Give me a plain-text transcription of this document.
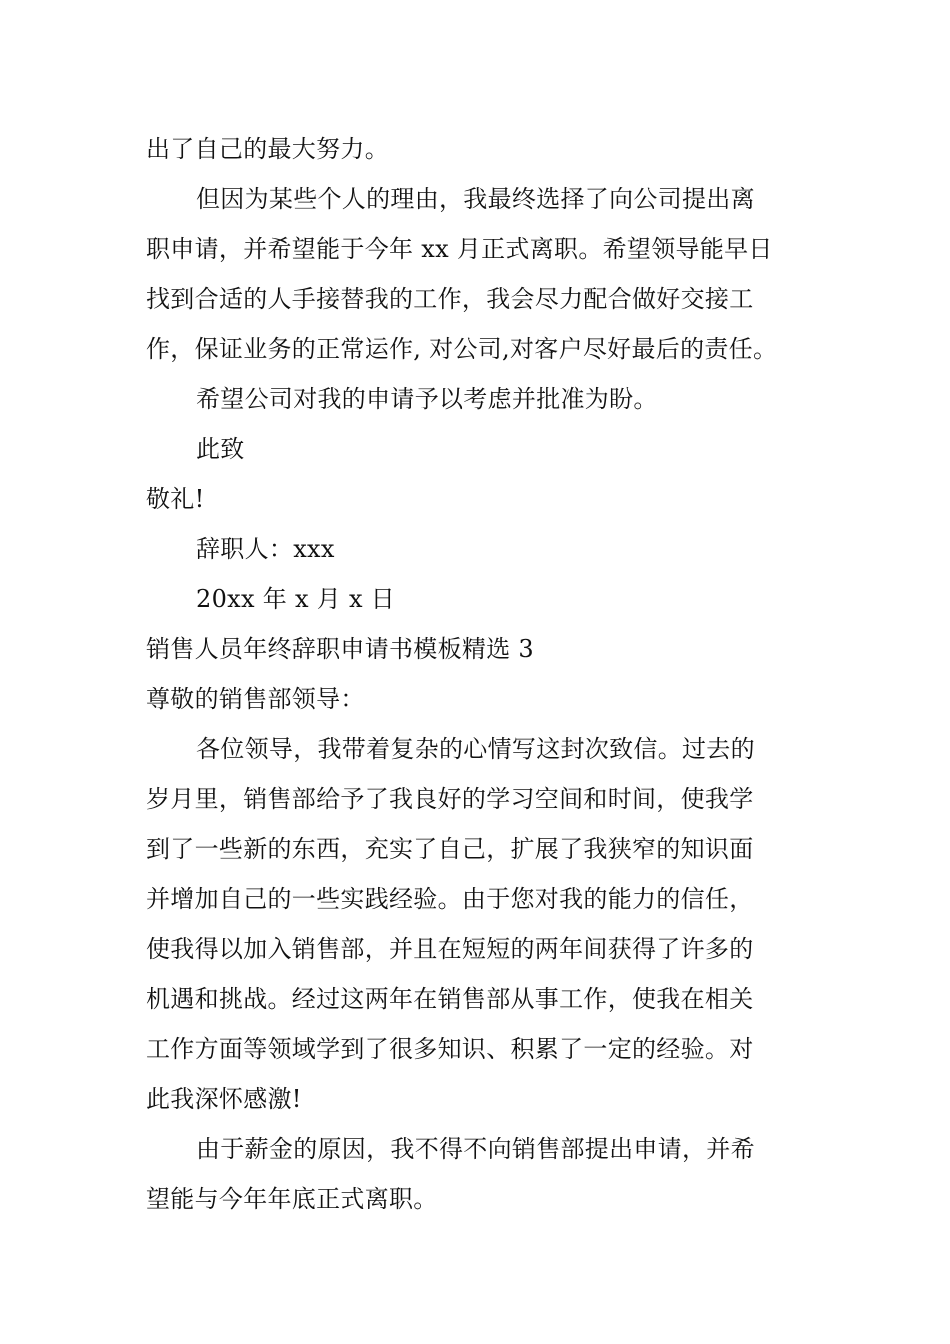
出了自己的最大努力。
但因为某些个人的理由，我最终选择了向公司提出离
职申请，并希望能于今年 xx 月正式离职。希望领导能早日
找到合适的人手接替我的工作，我会尽力配合做好交接工
作，保证业务的正常运作, 对公司,对客户尽好最后的责任。
希望公司对我的申请予以考虑并批准为盼。
此致
敬礼!
辞职人：xxx
20xx 年 x 月 x 日
销售人员年终辞职申请书模板精选 3
尊敬的销售部领导：
各位领导，我带着复杂的心情写这封次致信。过去的
岁月里，销售部给予了我良好的学习空间和时间，使我学
到了一些新的东西，充实了自己，扩展了我狭窄的知识面
并增加自己的一些实践经验。由于您对我的能力的信任，
使我得以加入销售部，并且在短短的两年间获得了许多的
机遇和挑战。经过这两年在销售部从事工作，使我在相关
工作方面等领域学到了很多知识、积累了一定的经验。对
此我深怀感激!
由于薪金的原因，我不得不向销售部提出申请，并希
望能与今年年底正式离职。
